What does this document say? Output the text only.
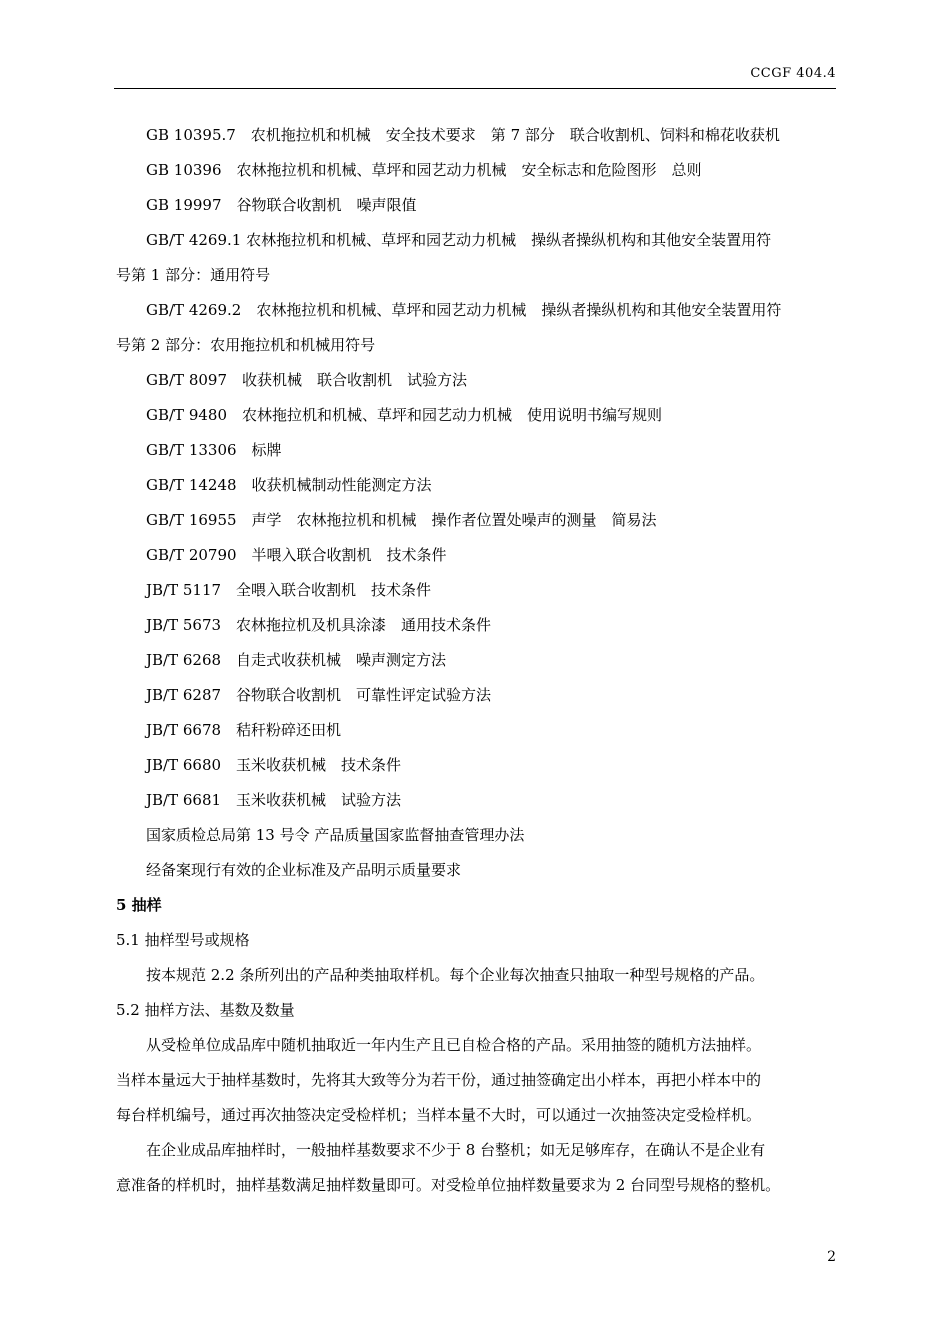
CCGF 404.4
GB 10395.7　农机拖拉机和机械　安全技术要求　第 7 部分　联合收割机、饲料和棉花收获机
GB 10396　农林拖拉机和机械、草坪和园艺动力机械　安全标志和危险图形　总则
GB 19997　谷物联合收割机　噪声限值
GB/T 4269.1 农林拖拉机和机械、草坪和园艺动力机械　操纵者操纵机构和其他安全装置用符
号第 1 部分：通用符号
GB/T 4269.2　农林拖拉机和机械、草坪和园艺动力机械　操纵者操纵机构和其他安全装置用符
号第 2 部分：农用拖拉机和机械用符号
GB/T 8097　收获机械　联合收割机　试验方法
GB/T 9480　农林拖拉机和机械、草坪和园艺动力机械　使用说明书编写规则
GB/T 13306　标牌
GB/T 14248　收获机械制动性能测定方法
GB/T 16955　声学　农林拖拉机和机械　操作者位置处噪声的测量　简易法
GB/T 20790　半喂入联合收割机　技术条件
JB/T 5117　全喂入联合收割机　技术条件
JB/T 5673　农林拖拉机及机具涂漆　通用技术条件
JB/T 6268　自走式收获机械　噪声测定方法
JB/T 6287　谷物联合收割机　可靠性评定试验方法
JB/T 6678　秸秆粉碎还田机
JB/T 6680　玉米收获机械　技术条件
JB/T 6681　玉米收获机械　试验方法
国家质检总局第 13 号令 产品质量国家监督抽查管理办法
经备案现行有效的企业标准及产品明示质量要求
5 抽样
5.1 抽样型号或规格
按本规范 2.2 条所列出的产品种类抽取样机。每个企业每次抽查只抽取一种型号规格的产品。
5.2 抽样方法、基数及数量
从受检单位成品库中随机抽取近一年内生产且已自检合格的产品。采用抽签的随机方法抽样。
当样本量远大于抽样基数时，先将其大致等分为若干份，通过抽签确定出小样本，再把小样本中的
每台样机编号，通过再次抽签决定受检样机；当样本量不大时，可以通过一次抽签决定受检样机。
在企业成品库抽样时，一般抽样基数要求不少于 8 台整机；如无足够库存，在确认不是企业有
意准备的样机时，抽样基数满足抽样数量即可。对受检单位抽样数量要求为 2 台同型号规格的整机。
2
